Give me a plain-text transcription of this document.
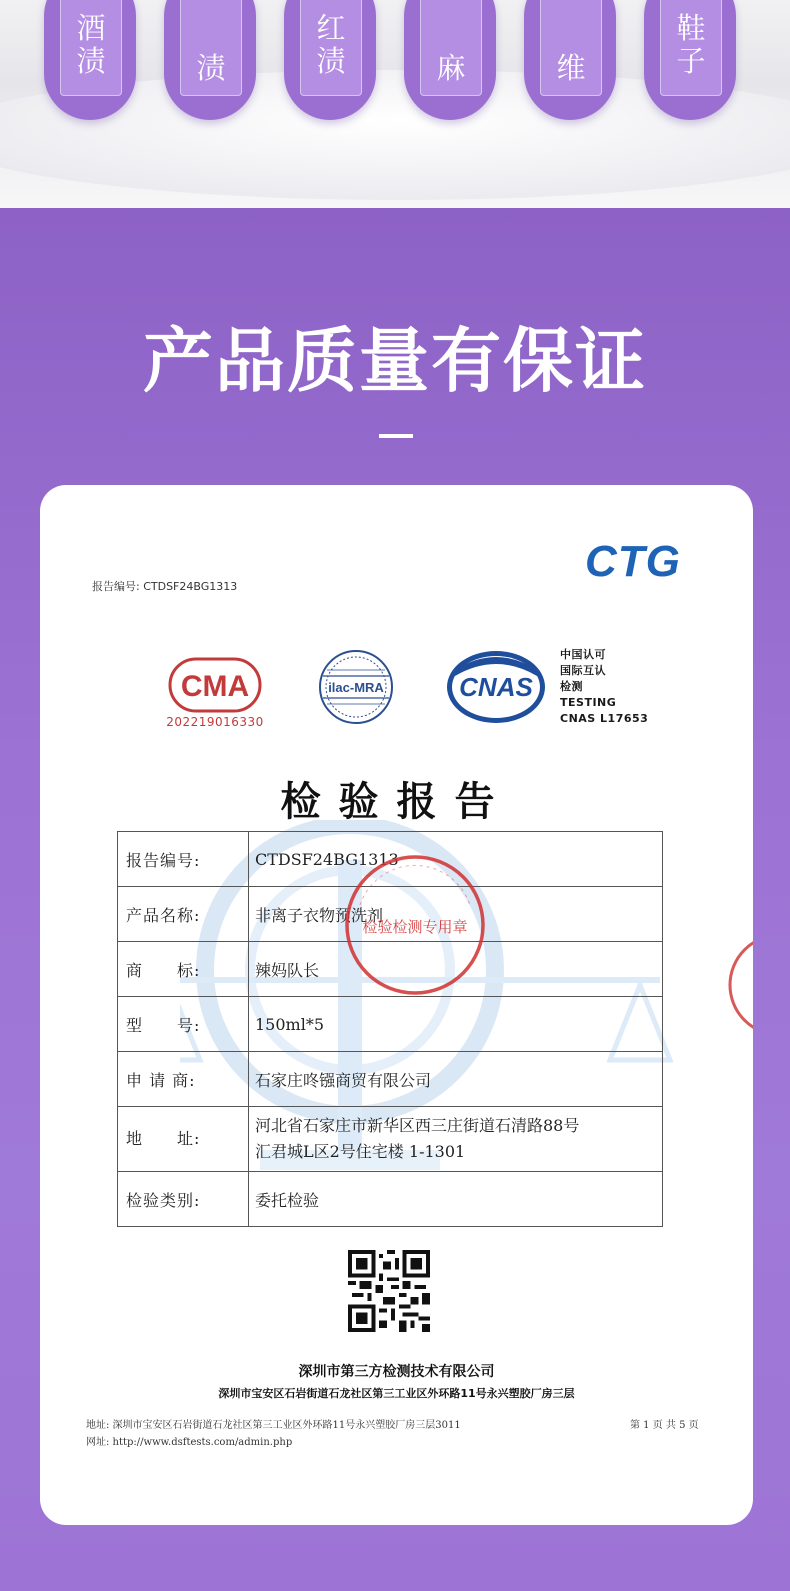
酒
渍	渍
红
渍	麻	维
鞋
子
产品质量有保证
报告编号: CTDSF24BG1313
CTG
CMA
202219016330
ilac-MRA	CNAS
中国认可
国际互认
检测
TESTING
CNAS L17653
检验报告
报告编号:	CTDSF24BG1313
产品名称:	非离子衣物预洗剂
商　　标:	辣妈队长
型　　号:	150ml*5
申 请 商:	石家庄咚镪商贸有限公司
地　　址:	河北省石家庄市新华区西三庄街道石清路88号
汇君城L区2号住宅楼 1-1301

检验类别:	委托检验
检验检测专用章
深圳市第三方检测技术有限公司
深圳市宝安区石岩街道石龙社区第三工业区外环路11号永兴塑胶厂房三层
地址: 深圳市宝安区石岩街道石龙社区第三工业区外环路11号永兴塑胶厂房三层3011
网址: http://www.dsftests.com/admin.php
第 1 页 共 5 页
